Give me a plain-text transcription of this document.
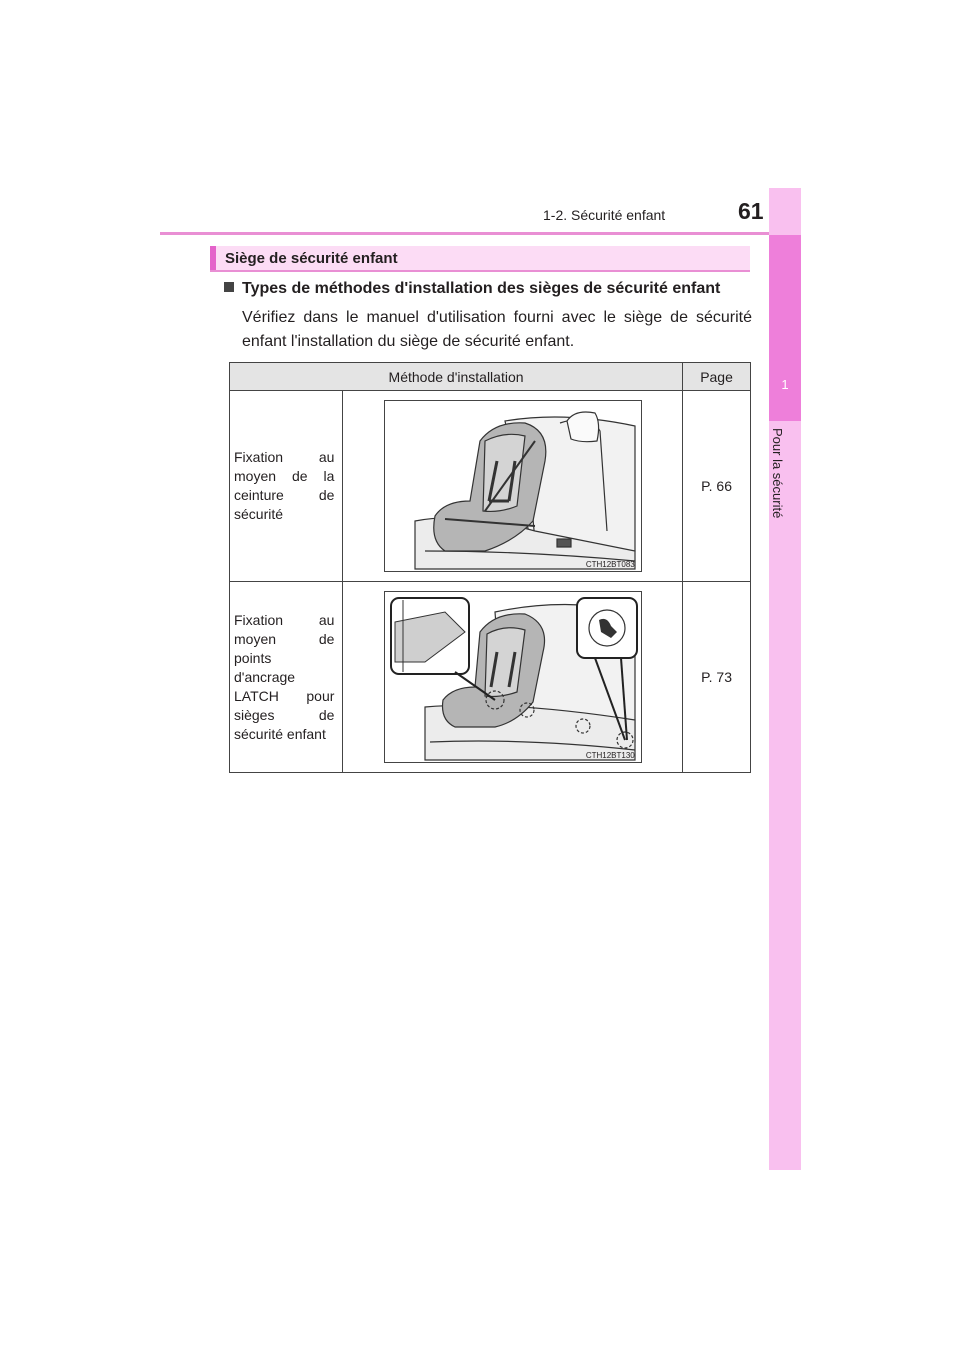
1-2. Sécurité enfant	61
1
Pour la sécurité
Siège de sécurité enfant
Types de méthodes d'installation des sièges de sécurité enfant

Vérifiez dans le manuel d'utilisation fourni avec le siège de sécurité enfant l'installation du siège de sécurité enfant.

Méthode d'installation		Page
Fixation au moyen de la ceinture de sécurité	CTH12BT083	P. 66
Fixation au moyen de points d'ancrage LATCH pour sièges de sécurité enfant	CTH12BT130	P. 73
